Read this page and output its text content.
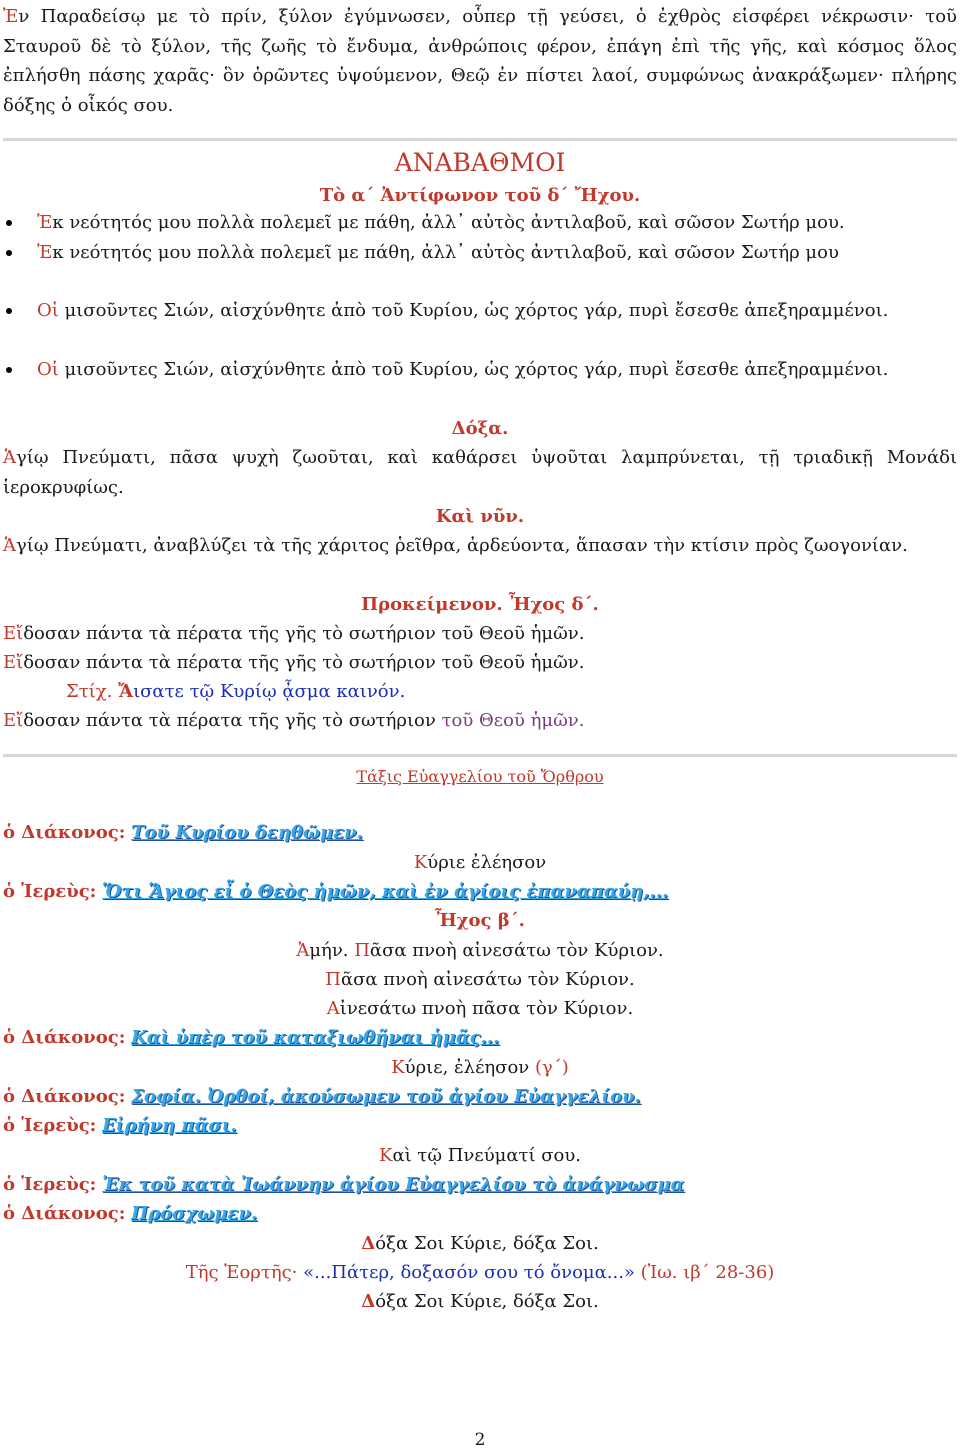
Ἐν Παραδείσῳ με τὸ πρίν, ξύλον ἐγύμνωσεν, οὗπερ τῇ γεύσει, ὁ ἐχθρὸς εἰσφέρει νέκρωσιν· τοῦ Σταυροῦ δὲ τὸ ξύλον, τῆς ζωῆς τὸ ἔνδυμα, ἀνθρώποις φέρον, ἐπάγη ἐπὶ τῆς γῆς, καὶ κόσμος ὅλος ἐπλήσθη πάσης χαρᾶς· ὃν ὁρῶντες ὑψούμενον, Θεῷ ἐν πίστει λαοί, συμφώνως ἀνακράξωμεν· πλήρης δόξης ὁ οἶκός σου.

ΑΝΑΒΑΘΜΟΙ
Τὸ α΄ Ἀντίφωνον τοῦ δ΄ Ἤχου.
Ἐκ νεότητός μου πολλὰ πολεμεῖ με πάθη, ἀλλ᾽ αὐτὸς ἀντιλαβοῦ, καὶ σῶσον Σωτήρ μου.
Ἐκ νεότητός μου πολλὰ πολεμεῖ με πάθη, ἀλλ᾽ αὐτὸς ἀντιλαβοῦ, καὶ σῶσον Σωτήρ μου
Οἱ μισοῦντες Σιών, αἰσχύνθητε ἀπὸ τοῦ Κυρίου, ὡς χόρτος γάρ, πυρὶ ἔσεσθε ἀπεξηραμμένοι.
Οἱ μισοῦντες Σιών, αἰσχύνθητε ἀπὸ τοῦ Κυρίου, ὡς χόρτος γάρ, πυρὶ ἔσεσθε ἀπεξηραμμένοι.
Δόξα.

Ἁγίῳ Πνεύματι, πᾶσα ψυχὴ ζωοῦται, καὶ καθάρσει ὑψοῦται λαμπρύνεται, τῇ τριαδικῇ Μονάδι ἱεροκρυφίως.

Καὶ νῦν.

Ἁγίῳ Πνεύματι, ἀναβλύζει τὰ τῆς χάριτος ῥεῖθρα, ἀρδεύοντα, ἅπασαν τὴν κτίσιν πρὸς ζωογονίαν.

Προκείμενον. Ἦχος δ΄.
Εἴδοσαν πάντα τὰ πέρατα τῆς γῆς τὸ σωτήριον τοῦ Θεοῦ ἡμῶν.
Εἴδοσαν πάντα τὰ πέρατα τῆς γῆς τὸ σωτήριον τοῦ Θεοῦ ἡμῶν.
Στίχ. Ἄισατε τῷ Κυρίῳ ᾆσμα καινόν.
Εἴδοσαν πάντα τὰ πέρατα τῆς γῆς τὸ σωτήριον τοῦ Θεοῦ ἡμῶν.
Τάξις Εὐαγγελίου τοῦ Ὄρθρου
ὁ Διάκονος: Τοῦ Κυρίου δεηθῶμεν.
Κύριε ἐλέησον
ὁ Ἱερεὺς: Ὅτι Ἅγιος εἶ ὁ Θεὸς ἡμῶν, καὶ ἐν ἁγίοις ἐπαναπαύῃ,...
Ἦχος β΄.
Ἀμήν. Πᾶσα πνοὴ αἰνεσάτω τὸν Κύριον.
Πᾶσα πνοὴ αἰνεσάτω τὸν Κύριον.
Αἰνεσάτω πνοὴ πᾶσα τὸν Κύριον.
ὁ Διάκονος: Καὶ ὑπὲρ τοῦ καταξιωθῆναι ἡμᾶς...
Κύριε, ἐλέησον (γ΄)
ὁ Διάκονος: Σοφία. Ὀρθοί, ἀκούσωμεν τοῦ ἁγίου Εὐαγγελίου.
ὁ Ἱερεὺς: Εἰρήνη πᾶσι.
Καὶ τῷ Πνεύματί σου.
ὁ Ἱερεὺς: Ἐκ τοῦ κατὰ Ἰωάννην ἁγίου Εὐαγγελίου τὸ ἀνάγνωσμα
ὁ Διάκονος: Πρόσχωμεν.
Δόξα Σοι Κύριε, δόξα Σοι.
Τῆς Ἑορτῆς· «...Πάτερ, δοξασόν σου τό ὄνομα...» (Ἰω. ιβ΄ 28-36)
Δόξα Σοι Κύριε, δόξα Σοι.
2
